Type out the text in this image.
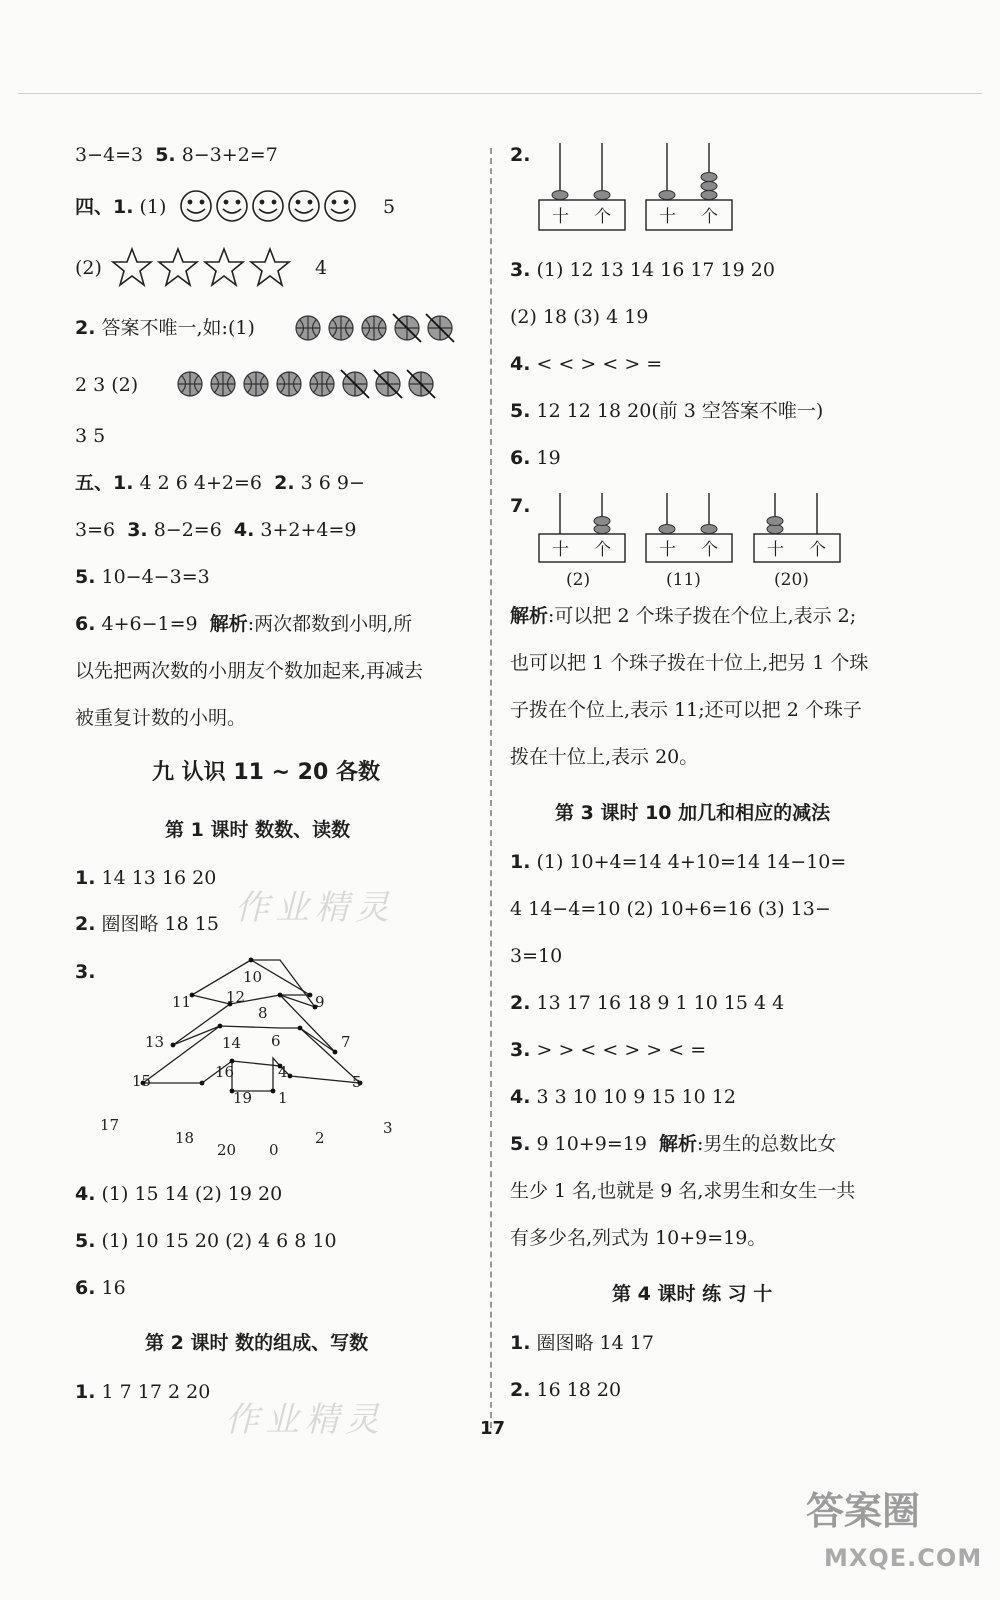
作业精灵
作业精灵
3−4=3 5. 8−3+2=7
四、1. (1)	5
(2)	4
2. 答案不唯一,如:(1)
2 3 (2)
3 5
五、1. 4 2 6 4+2=6 2. 3 6 9−
3=6 3. 8−2=6 4. 3+2+4=9
5. 10−4−3=3
6. 4+6−1=9 解析:两次都数到小明,所
以先把两次数的小朋友个数加起来,再减去
被重复计数的小明。
九 认识 11 ~ 20 各数
第 1 课时 数数、读数
1. 14 13 16 20
2. 圈图略 18 15
3.	10
11 12	9
8
13	14 6	7
15	16	4
5
17
18
19 1
20 0
2
3
4. (1) 15 14 (2) 19 20
5. (1) 10 15 20 (2) 4 6 8 10
6. 16
第 2 课时 数的组成、写数
1. 1 7 17 2 20
2.
十 个	十 个
3. (1) 12 13 14 16 17 19 20
(2) 18 (3) 4 19
4. < < > < > =
5. 12 12 18 20(前 3 空答案不唯一)
6. 19
7.
十 个	十 个	十 个
(2)	(11)	(20)
解析:可以把 2 个珠子拨在个位上,表示 2;
也可以把 1 个珠子拨在十位上,把另 1 个珠
子拨在个位上,表示 11;还可以把 2 个珠子
拨在十位上,表示 20。
第 3 课时 10 加几和相应的减法
1. (1) 10+4=14 4+10=14 14−10=
4 14−4=10 (2) 10+6=16 (3) 13−
3=10
2. 13 17 16 18 9 1 10 15 4 4
3. > > < < > > < =
4. 3 3 10 10 9 15 10 12
5. 9 10+9=19 解析:男生的总数比女
生少 1 名,也就是 9 名,求男生和女生一共
有多少名,列式为 10+9=19。
第 4 课时 练 习 十
1. 圈图略 14 17
2. 16 18 20
17
答案圈
MXQE.COM
